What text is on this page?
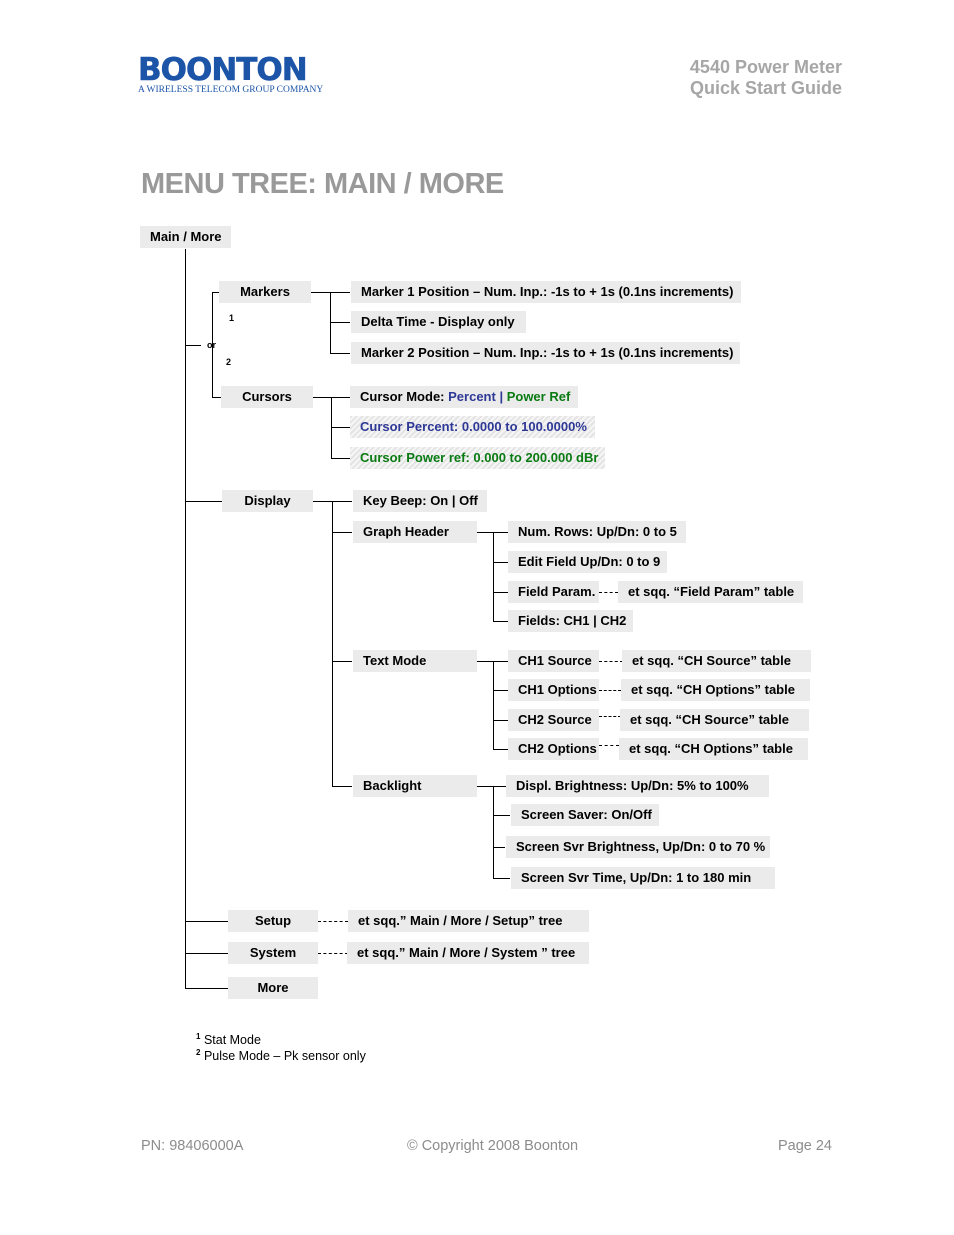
BOONTON
A WIRELESS TELECOM GROUP COMPANY
4540 Power Meter
Quick Start Guide
MENU TREE: MAIN / MORE
Main / More
Markers	Marker 1 Position – Num. Inp.: -1s to + 1s (0.1ns increments)
Delta Time - Display only
Marker 2 Position – Num. Inp.: -1s to + 1s (0.1ns increments)
1
or
2
Cursors	Cursor Mode: Percent | Power Ref
Cursor Percent: 0.0000 to 100.0000%
Cursor Power ref: 0.000 to 200.000 dBr
Display	Key Beep: On | Off
Graph Header	Num. Rows: Up/Dn: 0 to 5
Edit Field Up/Dn: 0 to 9
Field Param.	et sqq. “Field Param” table
Fields: CH1 | CH2
Text Mode	CH1 Source	et sqq. “CH Source” table
CH1 Options	et sqq. “CH Options” table
CH2 Source	et sqq. “CH Source” table
CH2 Options	et sqq. “CH Options” table
Backlight	Displ. Brightness: Up/Dn: 5% to 100%
Screen Saver: On/Off
Screen Svr Brightness, Up/Dn: 0 to 70 %
Screen Svr Time, Up/Dn: 1 to 180 min
Setup	et sqq.” Main / More / Setup” tree
System	et sqq.” Main / More / System ” tree
More
$^1$ Stat Mode
$^2$ Pulse Mode – Pk sensor only
PN: 98406000A	© Copyright 2008 Boonton	Page 24
